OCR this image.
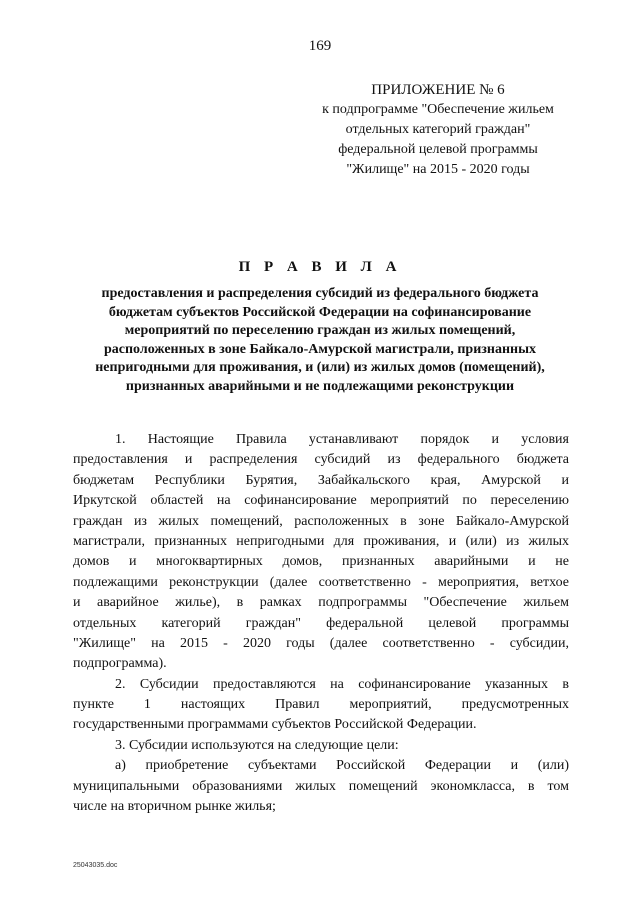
169
ПРИЛОЖЕНИЕ № 6
к подпрограмме "Обеспечение жильем
отдельных категорий граждан"
федеральной целевой программы
"Жилище" на 2015 - 2020 годы
П Р А В И Л А
предоставления и распределения субсидий из федерального бюджета
бюджетам субъектов Российской Федерации на софинансирование
мероприятий по переселению граждан из жилых помещений,
расположенных в зоне Байкало-Амурской магистрали, признанных
непригодными для проживания, и (или) из жилых домов (помещений),
признанных аварийными и не подлежащими реконструкции
1. Настоящие Правила устанавливают порядок и условия
предоставления и распределения субсидий из федерального бюджета
бюджетам Республики Бурятия, Забайкальского края, Амурской и
Иркутской областей на софинансирование мероприятий по переселению
граждан из жилых помещений, расположенных в зоне Байкало-Амурской
магистрали, признанных непригодными для проживания, и (или) из жилых
домов и многоквартирных домов, признанных аварийными и не
подлежащими реконструкции (далее соответственно - мероприятия, ветхое
и аварийное жилье), в рамках подпрограммы "Обеспечение жильем
отдельных категорий граждан" федеральной целевой программы
"Жилище" на 2015 - 2020 годы (далее соответственно - субсидии,
подпрограмма).
2. Субсидии предоставляются на софинансирование указанных в
пункте 1 настоящих Правил мероприятий, предусмотренных
государственными программами субъектов Российской Федерации.
3. Субсидии используются на следующие цели:
а) приобретение субъектами Российской Федерации и (или)
муниципальными образованиями жилых помещений экономкласса, в том
числе на вторичном рынке жилья;
25043035.doc
